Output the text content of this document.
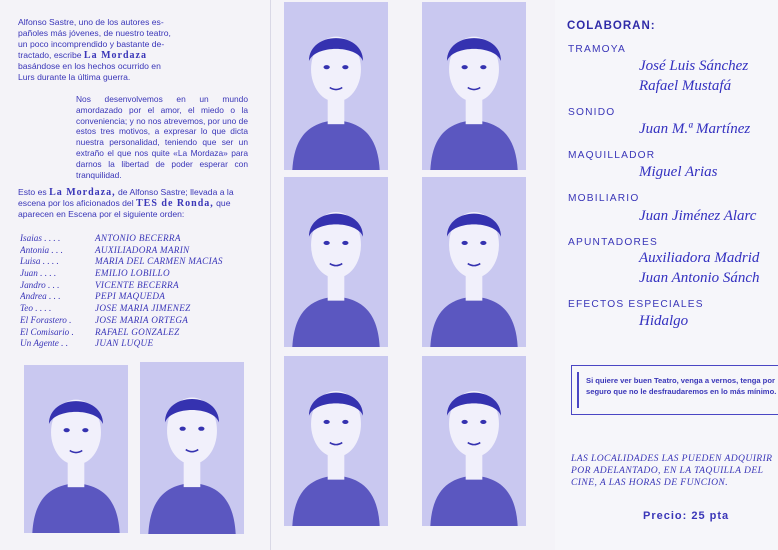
Alfonso Sastre, uno de los autores es-
pañoles más jóvenes, de nuestro teatro,
un poco incomprendido y bastante de-
tractado, escribe La Mordaza
basándose en los hechos ocurrido en
Lurs durante la última guerra.
Nos desenvolvemos en un mundo amordazado por el amor, el miedo o la conveniencia; y no nos atrevemos, por uno de estos tres motivos, a expresar lo que dicta nuestra personalidad, teniendo que ser un extraño el que nos quite «La Mordaza» para darnos la libertad de poder esperar con tranquilidad.
Esto es La Mordaza, de Alfonso Sastre; llevada a la escena por los aficionados del TES de Ronda, que aparecen en Escena por el siguiente orden:
Isaias . . . .	ANTONIO BECERRA
Antonia . . .	AUXILIADORA MARIN
Luisa . . . .	MARIA DEL CARMEN MACIAS
Juan . . . .	EMILIO LOBILLO
Jandro . . .	VICENTE BECERRA
Andrea . . .	PEPI MAQUEDA
Teo . . . .	JOSE MARIA JIMENEZ
El Forastero .	JOSE MARIA ORTEGA
El Comisario .	RAFAEL GONZALEZ
Un Agente . .	JUAN LUQUE
COLABORAN:
TRAMOYA
José Luis Sánchez
Rafael Mustafá
SONIDO
Juan M.ª Martínez
MAQUILLADOR
Miguel Arias
MOBILIARIO
Juan Jiménez Alarc
APUNTADORES
Auxiliadora Madrid
Juan Antonio Sánch
EFECTOS ESPECIALES
Hidalgo
Si quiere ver buen Teatro, venga a vernos, tenga por seguro que no le desfraudaremos en lo más mínimo.
LAS LOCALIDADES LAS PUEDEN ADQUIRIR POR ADELANTADO, EN LA TAQUILLA DEL CINE, A LAS HORAS DE FUNCION.
Precio: 25 pta
